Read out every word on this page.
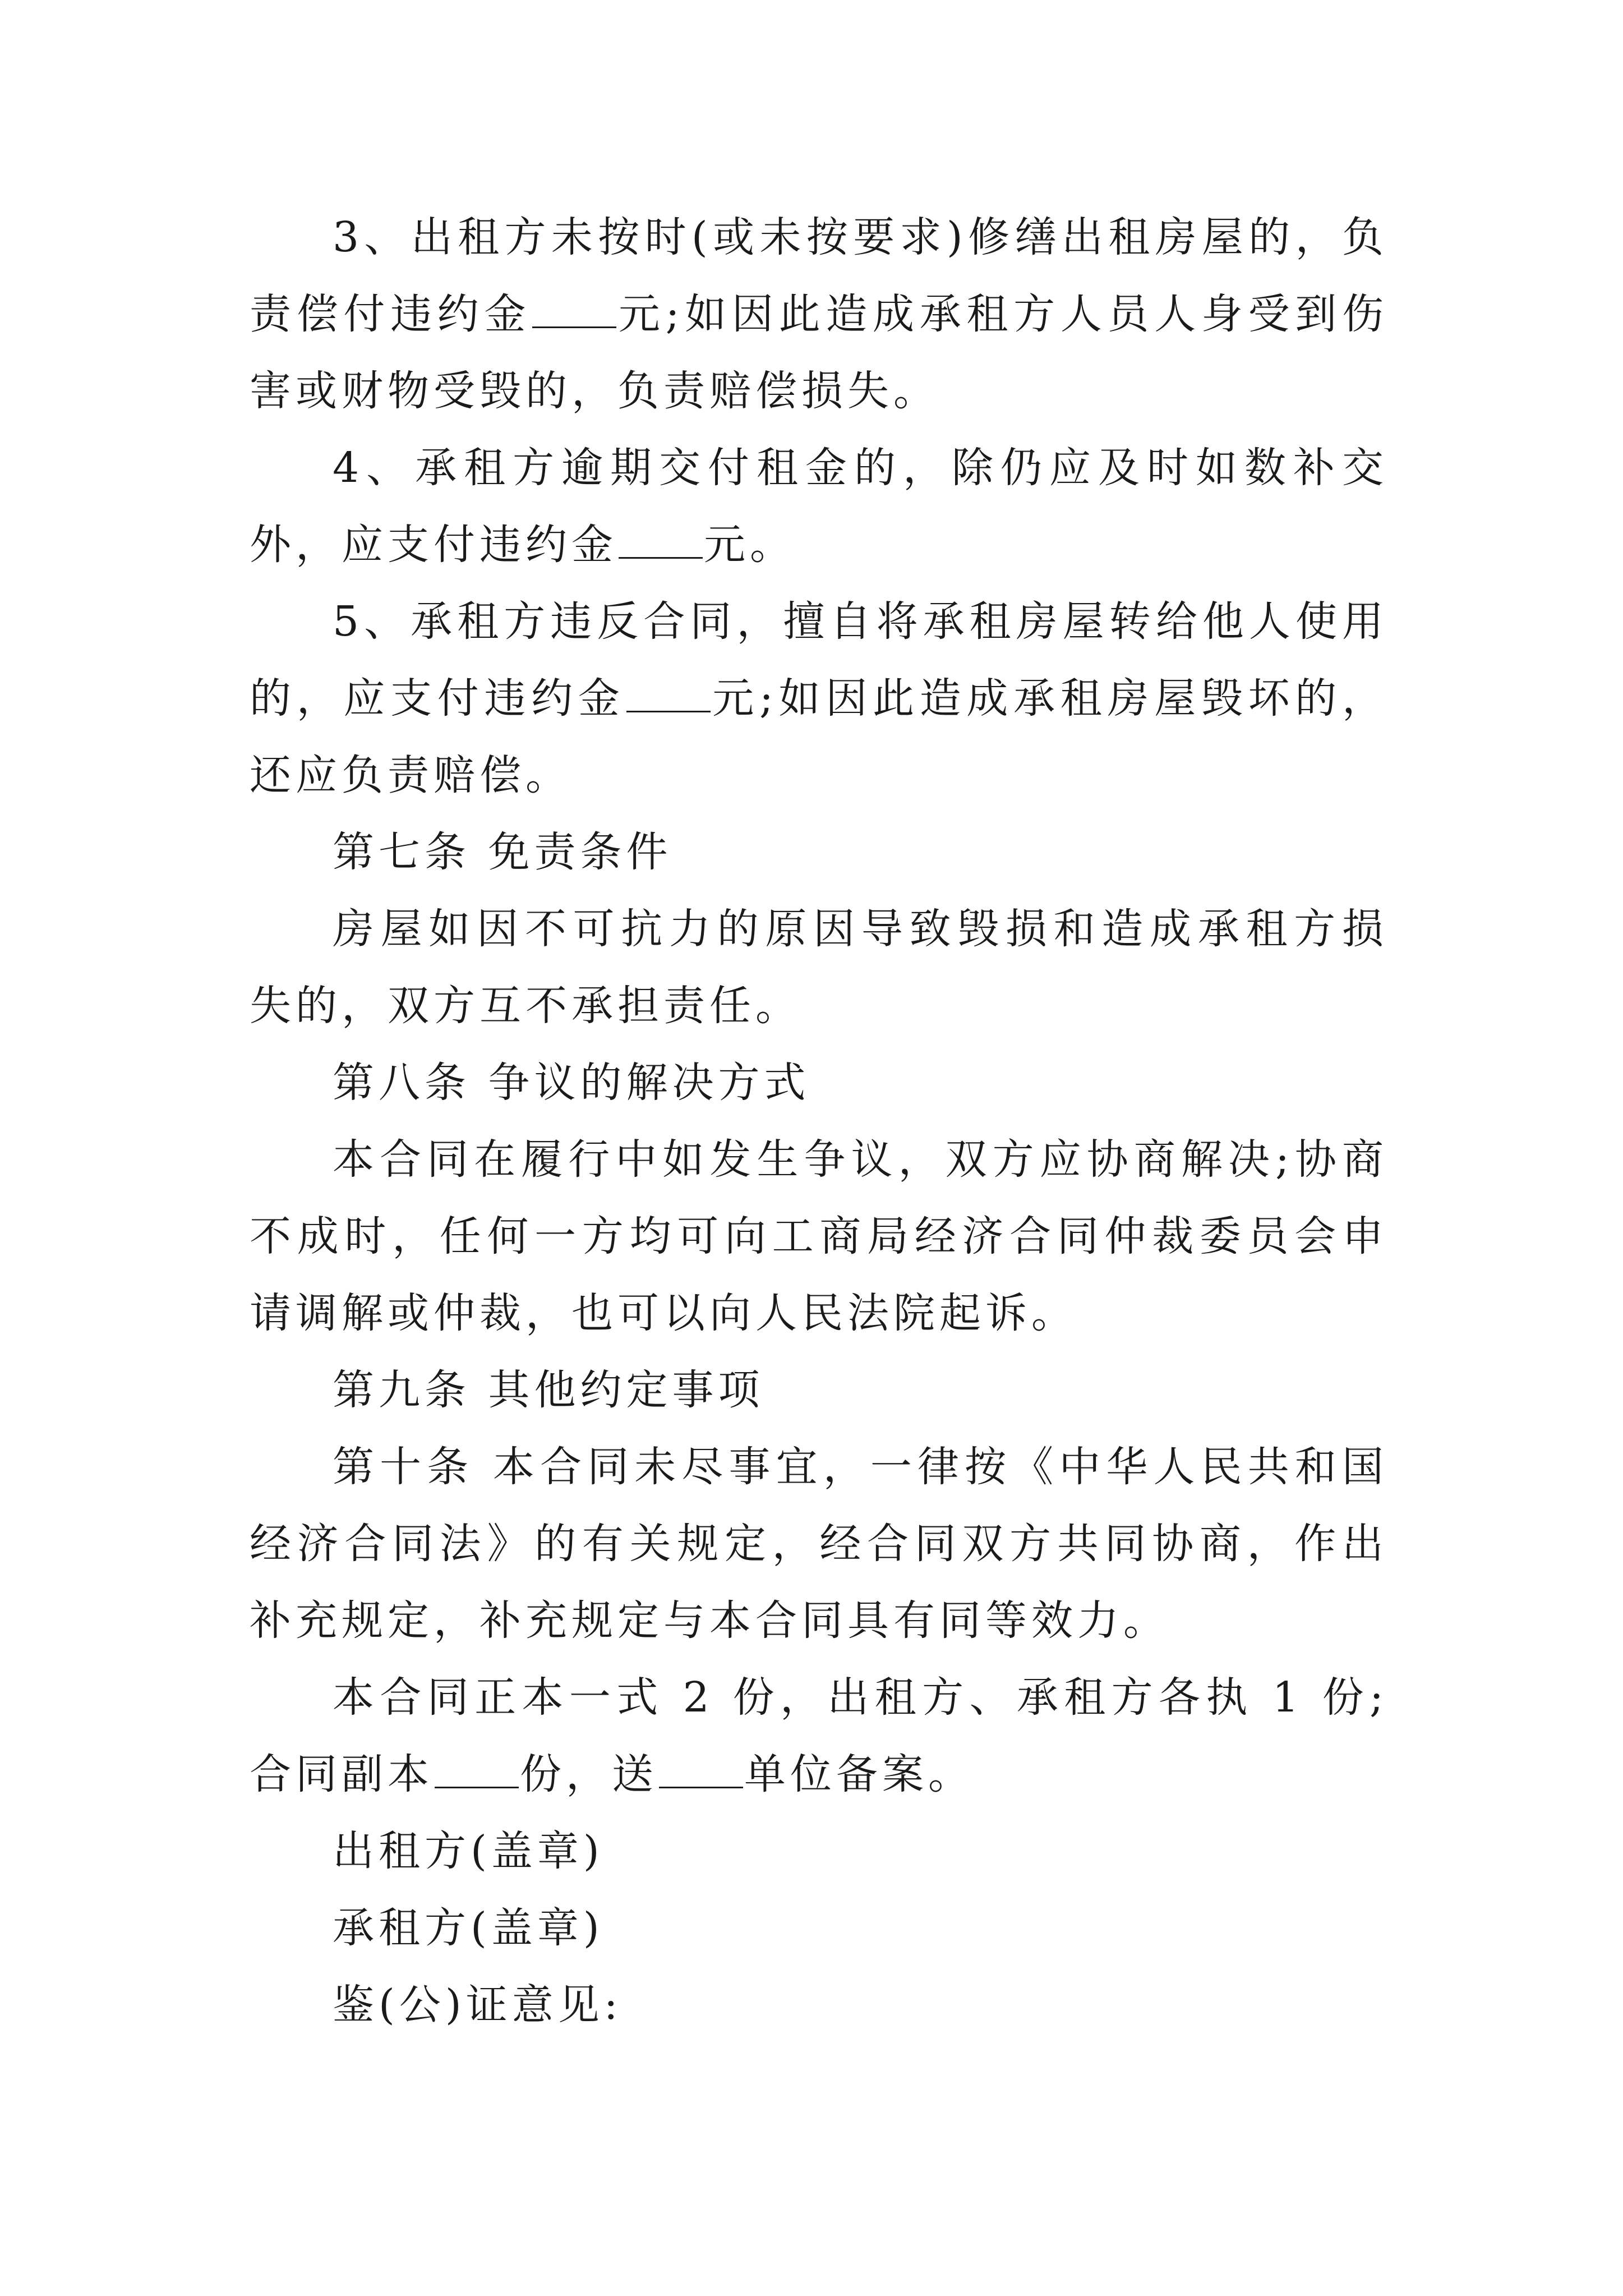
3、出租方未按时(或未按要求)修缮出租房屋的，负责偿付违约金 元;如因此造成承租方人员人身受到伤害或财物受毁的，负责赔偿损失。

4、承租方逾期交付租金的，除仍应及时如数补交外，应支付违约金 元。

5、承租方违反合同，擅自将承租房屋转给他人使用的，应支付违约金 元;如因此造成承租房屋毁坏的，还应负责赔偿。

第七条 免责条件

房屋如因不可抗力的原因导致毁损和造成承租方损失的，双方互不承担责任。

第八条 争议的解决方式

本合同在履行中如发生争议，双方应协商解决;协商不成时，任何一方均可向工商局经济合同仲裁委员会申请调解或仲裁，也可以向人民法院起诉。

第九条 其他约定事项

第十条 本合同未尽事宜，一律按《中华人民共和国经济合同法》的有关规定，经合同双方共同协商，作出补充规定，补充规定与本合同具有同等效力。

本合同正本一式 2 份，出租方、承租方各执 1 份;合同副本 份，送 单位备案。

出租方(盖章)

承租方(盖章)

鉴(公)证意见:
